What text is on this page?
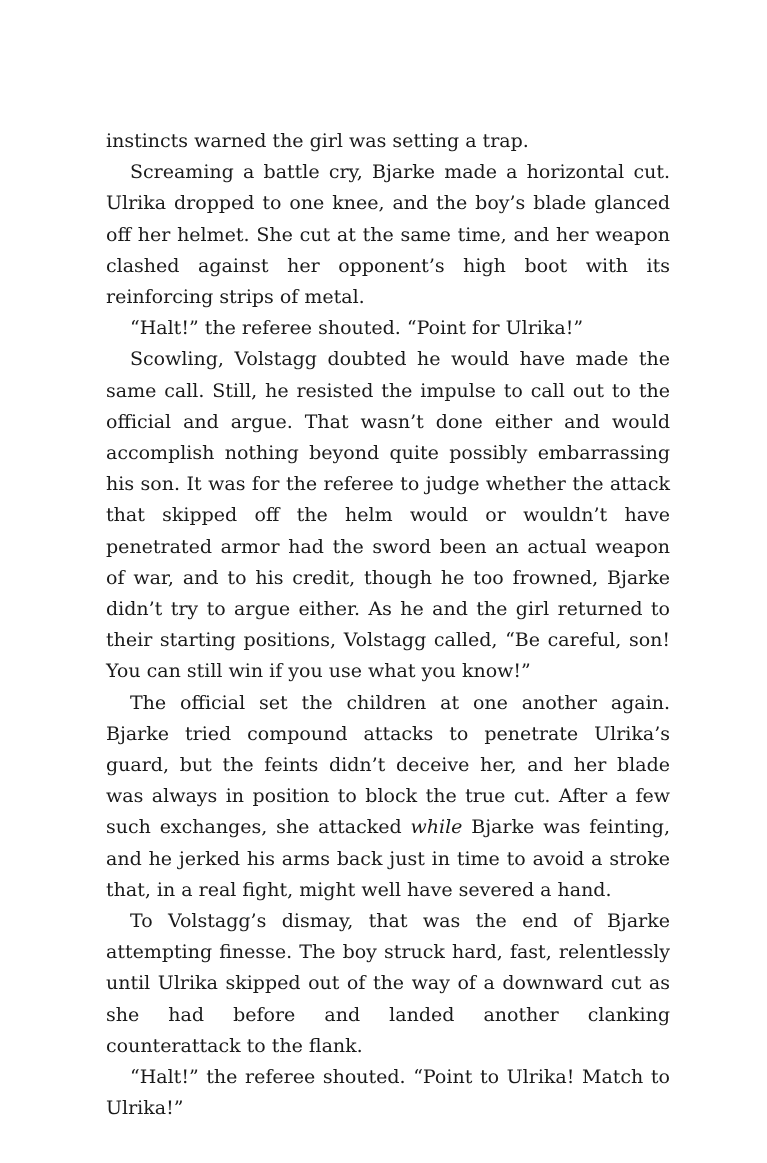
instincts warned the girl was setting a trap.

Screaming a battle cry, Bjarke made a horizontal cut. Ulrika dropped to one knee, and the boy’s blade glanced off her helmet. She cut at the same time, and her weapon clashed against her opponent’s high boot with its reinforcing strips of metal.

“Halt!” the referee shouted. “Point for Ulrika!”

Scowling, Volstagg doubted he would have made the same call. Still, he resisted the impulse to call out to the official and argue. That wasn’t done either and would accomplish nothing beyond quite possibly embarrassing his son. It was for the referee to judge whether the attack that skipped off the helm would or wouldn’t have penetrated armor had the sword been an actual weapon of war, and to his credit, though he too frowned, Bjarke didn’t try to argue either. As he and the girl returned to their starting positions, Volstagg called, “Be careful, son! You can still win if you use what you know!”

The official set the children at one another again. Bjarke tried compound attacks to penetrate Ulrika’s guard, but the feints didn’t deceive her, and her blade was always in position to block the true cut. After a few such exchanges, she attacked while Bjarke was feinting, and he jerked his arms back just in time to avoid a stroke that, in a real fight, might well have severed a hand.

To Volstagg’s dismay, that was the end of Bjarke attempting finesse. The boy struck hard, fast, relentlessly until Ulrika skipped out of the way of a downward cut as she had before and landed another clanking counterattack to the flank.

“Halt!” the referee shouted. “Point to Ulrika! Match to Ulrika!”
